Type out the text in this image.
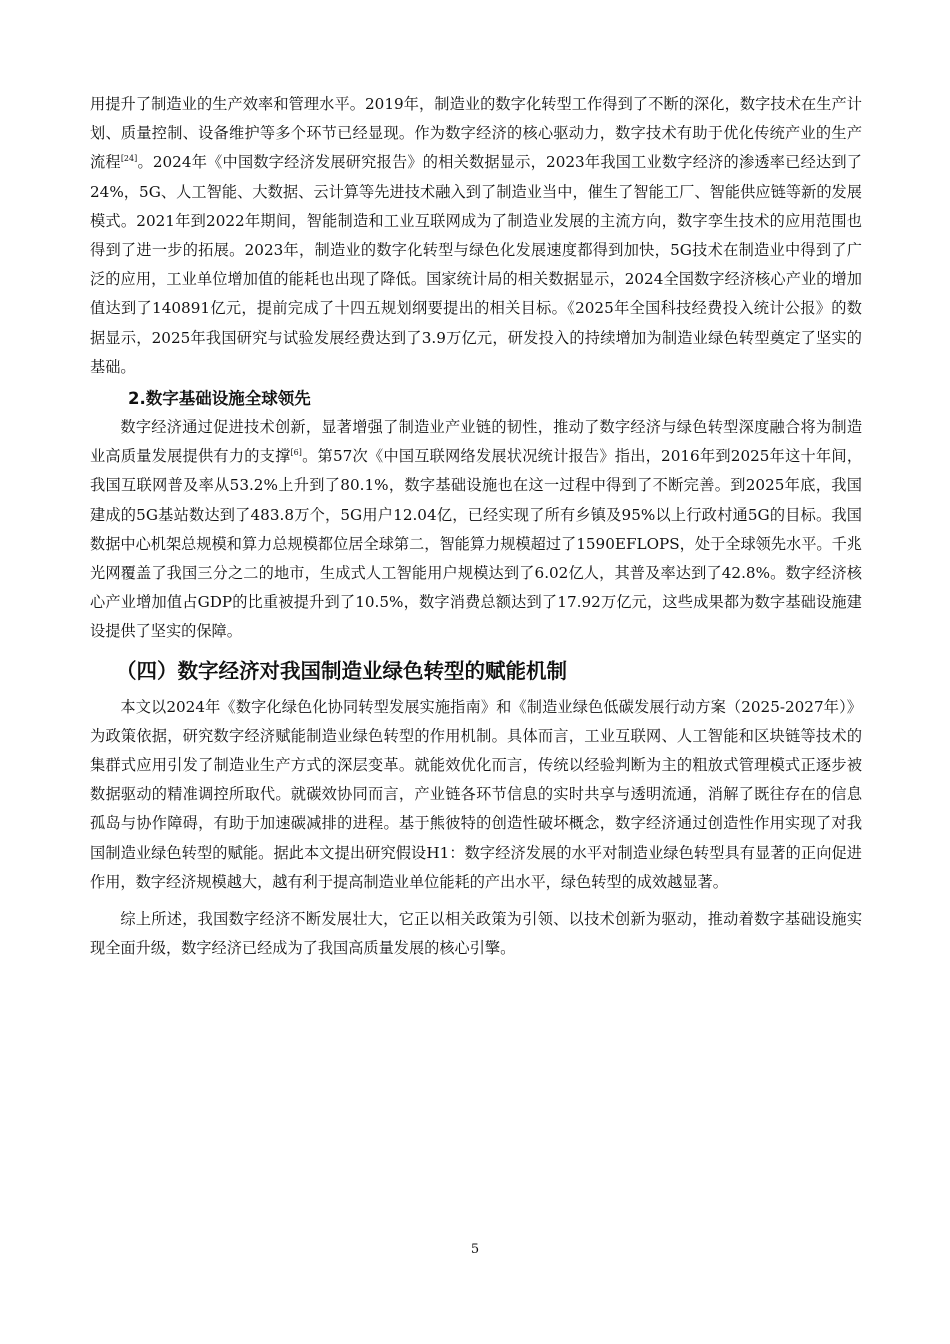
用提升了制造业的生产效率和管理水平。2019年，制造业的数字化转型工作得到了不断的深化，数字技术在生产计划、质量控制、设备维护等多个环节已经显现。作为数字经济的核心驱动力，数字技术有助于优化传统产业的生产流程[24]。2024年《中国数字经济发展研究报告》的相关数据显示，2023年我国工业数字经济的渗透率已经达到了24%，5G、人工智能、大数据、云计算等先进技术融入到了制造业当中，催生了智能工厂、智能供应链等新的发展模式。2021年到2022年期间，智能制造和工业互联网成为了制造业发展的主流方向，数字孪生技术的应用范围也得到了进一步的拓展。2023年，制造业的数字化转型与绿色化发展速度都得到加快，5G技术在制造业中得到了广泛的应用，工业单位增加值的能耗也出现了降低。国家统计局的相关数据显示，2024全国数字经济核心产业的增加值达到了140891亿元，提前完成了十四五规划纲要提出的相关目标。《2025年全国科技经费投入统计公报》的数据显示，2025年我国研究与试验发展经费达到了3.9万亿元，研发投入的持续增加为制造业绿色转型奠定了坚实的基础。

2.数字基础设施全球领先

数字经济通过促进技术创新，显著增强了制造业产业链的韧性，推动了数字经济与绿色转型深度融合将为制造业高质量发展提供有力的支撑[6]。第57次《中国互联网络发展状况统计报告》指出，2016年到2025年这十年间，我国互联网普及率从53.2%上升到了80.1%，数字基础设施也在这一过程中得到了不断完善。到2025年底，我国建成的5G基站数达到了483.8万个，5G用户12.04亿，已经实现了所有乡镇及95%以上行政村通5G的目标。我国数据中心机架总规模和算力总规模都位居全球第二，智能算力规模超过了1590EFLOPS，处于全球领先水平。千兆光网覆盖了我国三分之二的地市，生成式人工智能用户规模达到了6.02亿人，其普及率达到了42.8%。数字经济核心产业增加值占GDP的比重被提升到了10.5%，数字消费总额达到了17.92万亿元，这些成果都为数字基础设施建设提供了坚实的保障。

（四）数字经济对我国制造业绿色转型的赋能机制

本文以2024年《数字化绿色化协同转型发展实施指南》和《制造业绿色低碳发展行动方案（2025-2027年）》为政策依据，研究数字经济赋能制造业绿色转型的作用机制。具体而言，工业互联网、人工智能和区块链等技术的集群式应用引发了制造业生产方式的深层变革。就能效优化而言，传统以经验判断为主的粗放式管理模式正逐步被数据驱动的精准调控所取代。就碳效协同而言，产业链各环节信息的实时共享与透明流通，消解了既往存在的信息孤岛与协作障碍，有助于加速碳减排的进程。基于熊彼特的创造性破坏概念，数字经济通过创造性作用实现了对我国制造业绿色转型的赋能。据此本文提出研究假设H1：数字经济发展的水平对制造业绿色转型具有显著的正向促进作用，数字经济规模越大，越有利于提高制造业单位能耗的产出水平，绿色转型的成效越显著。

综上所述，我国数字经济不断发展壮大，它正以相关政策为引领、以技术创新为驱动，推动着数字基础设施实现全面升级，数字经济已经成为了我国高质量发展的核心引擎。

5
